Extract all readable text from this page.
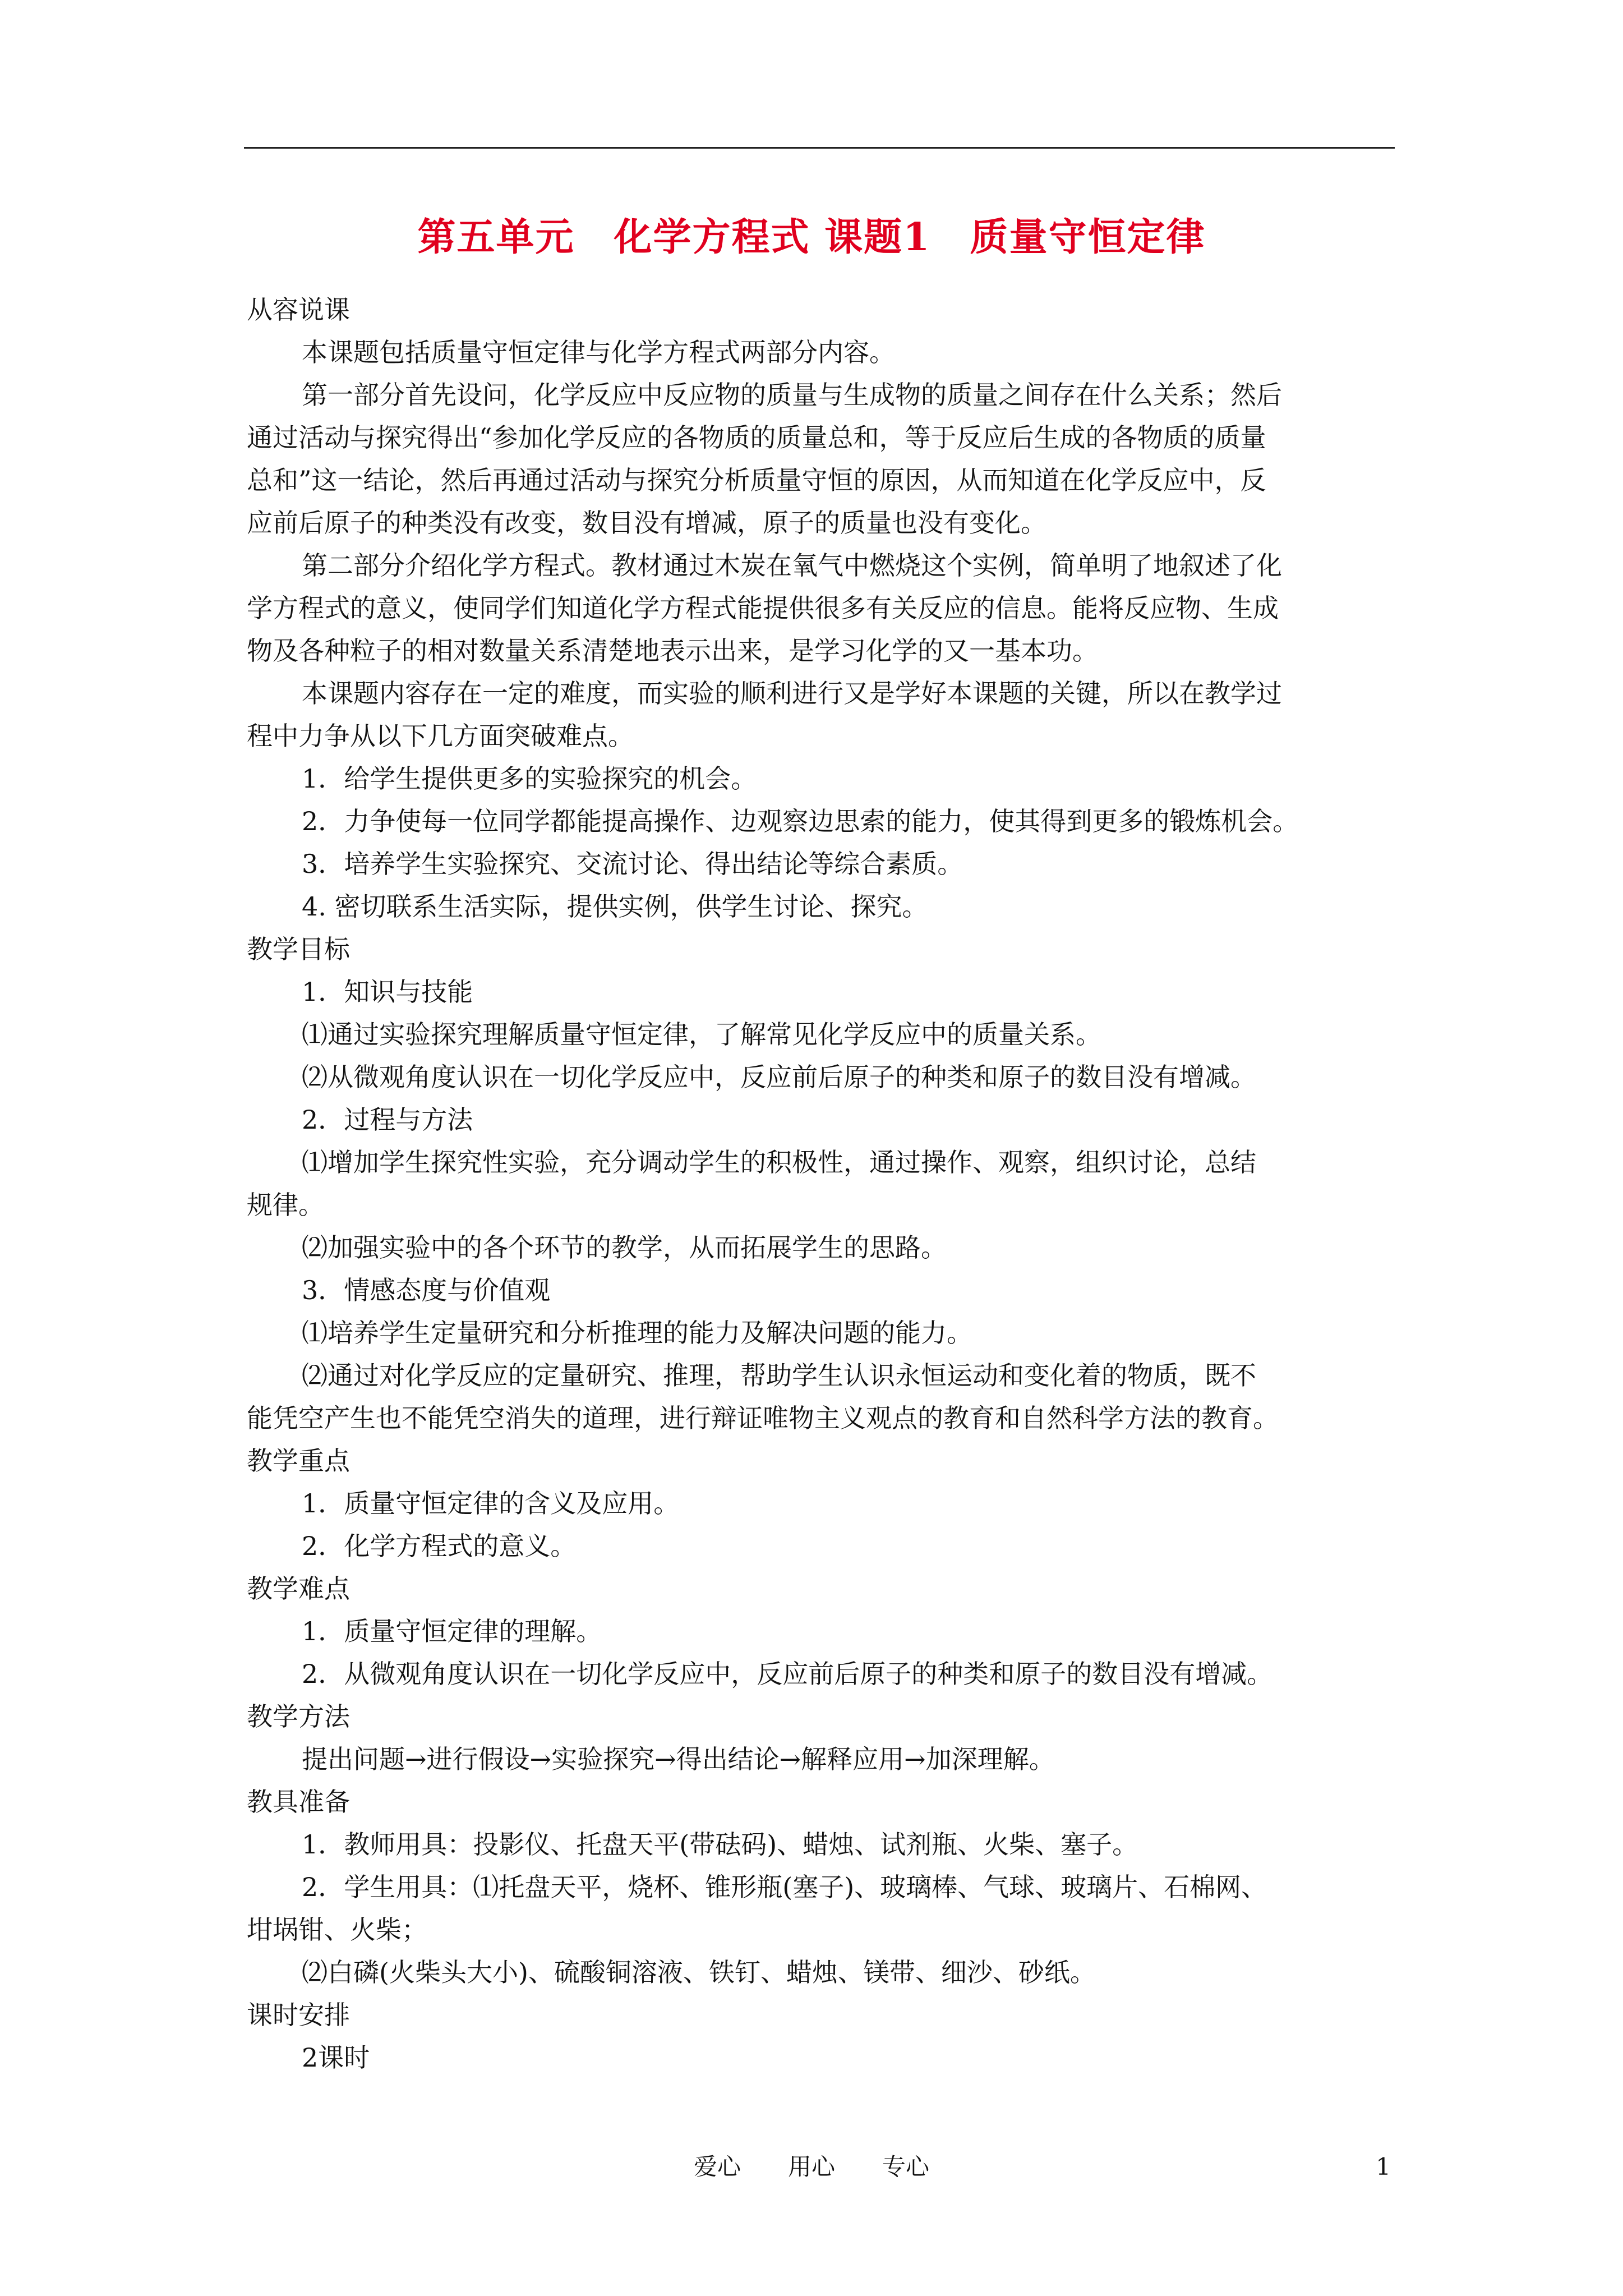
第五单元　化学方程式 课题1　质量守恒定律
从容说课
本课题包括质量守恒定律与化学方程式两部分内容。
第一部分首先设问，化学反应中反应物的质量与生成物的质量之间存在什么关系；然后
通过活动与探究得出“参加化学反应的各物质的质量总和，等于反应后生成的各物质的质量
总和”这一结论，然后再通过活动与探究分析质量守恒的原因，从而知道在化学反应中，反
应前后原子的种类没有改变，数目没有增减，原子的质量也没有变化。
第二部分介绍化学方程式。教材通过木炭在氧气中燃烧这个实例，简单明了地叙述了化
学方程式的意义，使同学们知道化学方程式能提供很多有关反应的信息。能将反应物、生成
物及各种粒子的相对数量关系清楚地表示出来，是学习化学的又一基本功。
本课题内容存在一定的难度，而实验的顺利进行又是学好本课题的关键，所以在教学过
程中力争从以下几方面突破难点。
1．给学生提供更多的实验探究的机会。
2．力争使每一位同学都能提高操作、边观察边思索的能力，使其得到更多的锻炼机会。
3．培养学生实验探究、交流讨论、得出结论等综合素质。
4. 密切联系生活实际，提供实例，供学生讨论、探究。
教学目标
1．知识与技能
⑴通过实验探究理解质量守恒定律，了解常见化学反应中的质量关系。
⑵从微观角度认识在一切化学反应中，反应前后原子的种类和原子的数目没有增减。
2．过程与方法
⑴增加学生探究性实验，充分调动学生的积极性，通过操作、观察，组织讨论，总结
规律。
⑵加强实验中的各个环节的教学，从而拓展学生的思路。
3．情感态度与价值观
⑴培养学生定量研究和分析推理的能力及解决问题的能力。
⑵通过对化学反应的定量研究、推理，帮助学生认识永恒运动和变化着的物质，既不
能凭空产生也不能凭空消失的道理，进行辩证唯物主义观点的教育和自然科学方法的教育。
教学重点
1．质量守恒定律的含义及应用。
2．化学方程式的意义。
教学难点
1．质量守恒定律的理解。
2．从微观角度认识在一切化学反应中，反应前后原子的种类和原子的数目没有增减。
教学方法
提出问题→进行假设→实验探究→得出结论→解释应用→加深理解。
教具准备
1．教师用具：投影仪、托盘天平(带砝码)、蜡烛、试剂瓶、火柴、塞子。
2．学生用具：⑴托盘天平，烧杯、锥形瓶(塞子)、玻璃棒、气球、玻璃片、石棉网、
坩埚钳、火柴；
⑵白磷(火柴头大小)、硫酸铜溶液、铁钉、蜡烛、镁带、细沙、砂纸。
课时安排
2课时
爱心　　用心　　专心	1
